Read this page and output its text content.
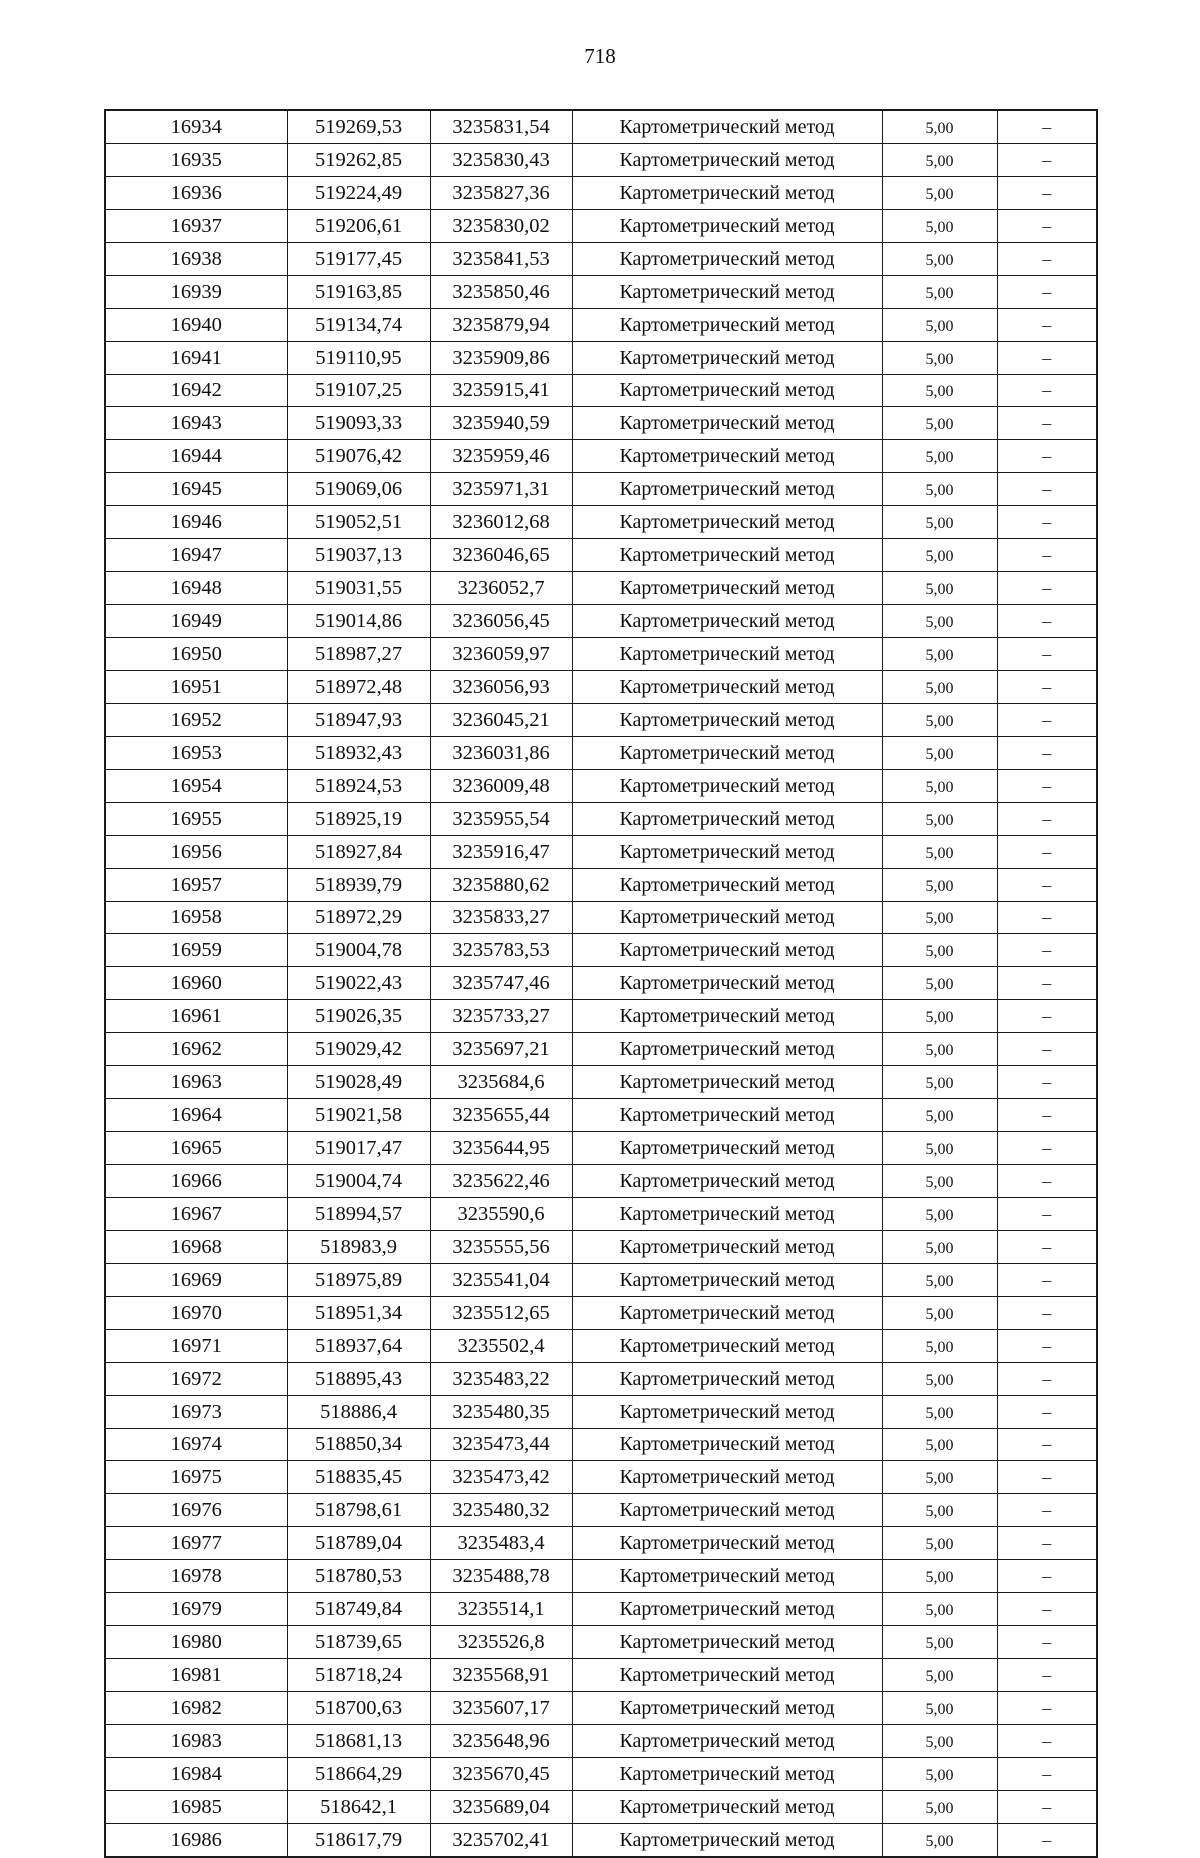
718
16934	519269,53	3235831,54	Картометрический метод	5,00	–
16935	519262,85	3235830,43	Картометрический метод	5,00	–
16936	519224,49	3235827,36	Картометрический метод	5,00	–
16937	519206,61	3235830,02	Картометрический метод	5,00	–
16938	519177,45	3235841,53	Картометрический метод	5,00	–
16939	519163,85	3235850,46	Картометрический метод	5,00	–
16940	519134,74	3235879,94	Картометрический метод	5,00	–
16941	519110,95	3235909,86	Картометрический метод	5,00	–
16942	519107,25	3235915,41	Картометрический метод	5,00	–
16943	519093,33	3235940,59	Картометрический метод	5,00	–
16944	519076,42	3235959,46	Картометрический метод	5,00	–
16945	519069,06	3235971,31	Картометрический метод	5,00	–
16946	519052,51	3236012,68	Картометрический метод	5,00	–
16947	519037,13	3236046,65	Картометрический метод	5,00	–
16948	519031,55	3236052,7	Картометрический метод	5,00	–
16949	519014,86	3236056,45	Картометрический метод	5,00	–
16950	518987,27	3236059,97	Картометрический метод	5,00	–
16951	518972,48	3236056,93	Картометрический метод	5,00	–
16952	518947,93	3236045,21	Картометрический метод	5,00	–
16953	518932,43	3236031,86	Картометрический метод	5,00	–
16954	518924,53	3236009,48	Картометрический метод	5,00	–
16955	518925,19	3235955,54	Картометрический метод	5,00	–
16956	518927,84	3235916,47	Картометрический метод	5,00	–
16957	518939,79	3235880,62	Картометрический метод	5,00	–
16958	518972,29	3235833,27	Картометрический метод	5,00	–
16959	519004,78	3235783,53	Картометрический метод	5,00	–
16960	519022,43	3235747,46	Картометрический метод	5,00	–
16961	519026,35	3235733,27	Картометрический метод	5,00	–
16962	519029,42	3235697,21	Картометрический метод	5,00	–
16963	519028,49	3235684,6	Картометрический метод	5,00	–
16964	519021,58	3235655,44	Картометрический метод	5,00	–
16965	519017,47	3235644,95	Картометрический метод	5,00	–
16966	519004,74	3235622,46	Картометрический метод	5,00	–
16967	518994,57	3235590,6	Картометрический метод	5,00	–
16968	518983,9	3235555,56	Картометрический метод	5,00	–
16969	518975,89	3235541,04	Картометрический метод	5,00	–
16970	518951,34	3235512,65	Картометрический метод	5,00	–
16971	518937,64	3235502,4	Картометрический метод	5,00	–
16972	518895,43	3235483,22	Картометрический метод	5,00	–
16973	518886,4	3235480,35	Картометрический метод	5,00	–
16974	518850,34	3235473,44	Картометрический метод	5,00	–
16975	518835,45	3235473,42	Картометрический метод	5,00	–
16976	518798,61	3235480,32	Картометрический метод	5,00	–
16977	518789,04	3235483,4	Картометрический метод	5,00	–
16978	518780,53	3235488,78	Картометрический метод	5,00	–
16979	518749,84	3235514,1	Картометрический метод	5,00	–
16980	518739,65	3235526,8	Картометрический метод	5,00	–
16981	518718,24	3235568,91	Картометрический метод	5,00	–
16982	518700,63	3235607,17	Картометрический метод	5,00	–
16983	518681,13	3235648,96	Картометрический метод	5,00	–
16984	518664,29	3235670,45	Картометрический метод	5,00	–
16985	518642,1	3235689,04	Картометрический метод	5,00	–
16986	518617,79	3235702,41	Картометрический метод	5,00	–
